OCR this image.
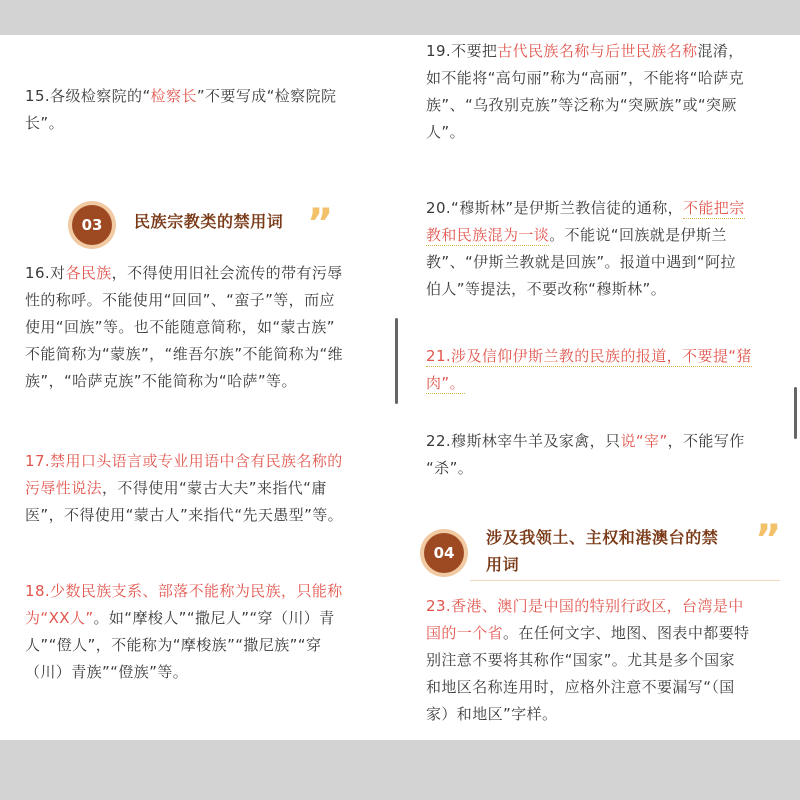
15.各级检察院的“检察长”不要写成“检察院院
长”。

03	民族宗教类的禁用词 ”

16.对各民族，不得使用旧社会流传的带有污辱
性的称呼。不能使用“回回”、“蛮子”等，而应
使用“回族”等。也不能随意简称，如“蒙古族”
不能简称为“蒙族”，“维吾尔族”不能简称为“维
族”，“哈萨克族”不能简称为“哈萨”等。

17.禁用口头语言或专业用语中含有民族名称的
污辱性说法，不得使用“蒙古大夫”来指代“庸
医”，不得使用“蒙古人”来指代“先天愚型”等。

18.少数民族支系、部落不能称为民族，只能称
为“XX人”。如“摩梭人”“撒尼人”“穿（川）青
人”“僜人”，不能称为“摩梭族”“撒尼族”“穿
（川）青族”“僜族”等。

19.不要把古代民族名称与后世民族名称混淆，
如不能将“高句丽”称为“高丽”，不能将“哈萨克
族”、“乌孜别克族”等泛称为“突厥族”或“突厥
人”。

20.“穆斯林”是伊斯兰教信徒的通称，不能把宗
教和民族混为一谈。不能说“回族就是伊斯兰
教”、“伊斯兰教就是回族”。报道中遇到“阿拉
伯人”等提法，不要改称“穆斯林”。

21.涉及信仰伊斯兰教的民族的报道，不要提“猪
肉”。

22.穆斯林宰牛羊及家禽，只说“宰”，不能写作
“杀”。

04
涉及我领土、主权和港澳台的禁
用词
”

23.香港、澳门是中国的特别行政区，台湾是中
国的一个省。在任何文字、地图、图表中都要特
别注意不要将其称作“国家”。尤其是多个国家
和地区名称连用时，应格外注意不要漏写“（国
家）和地区”字样。
